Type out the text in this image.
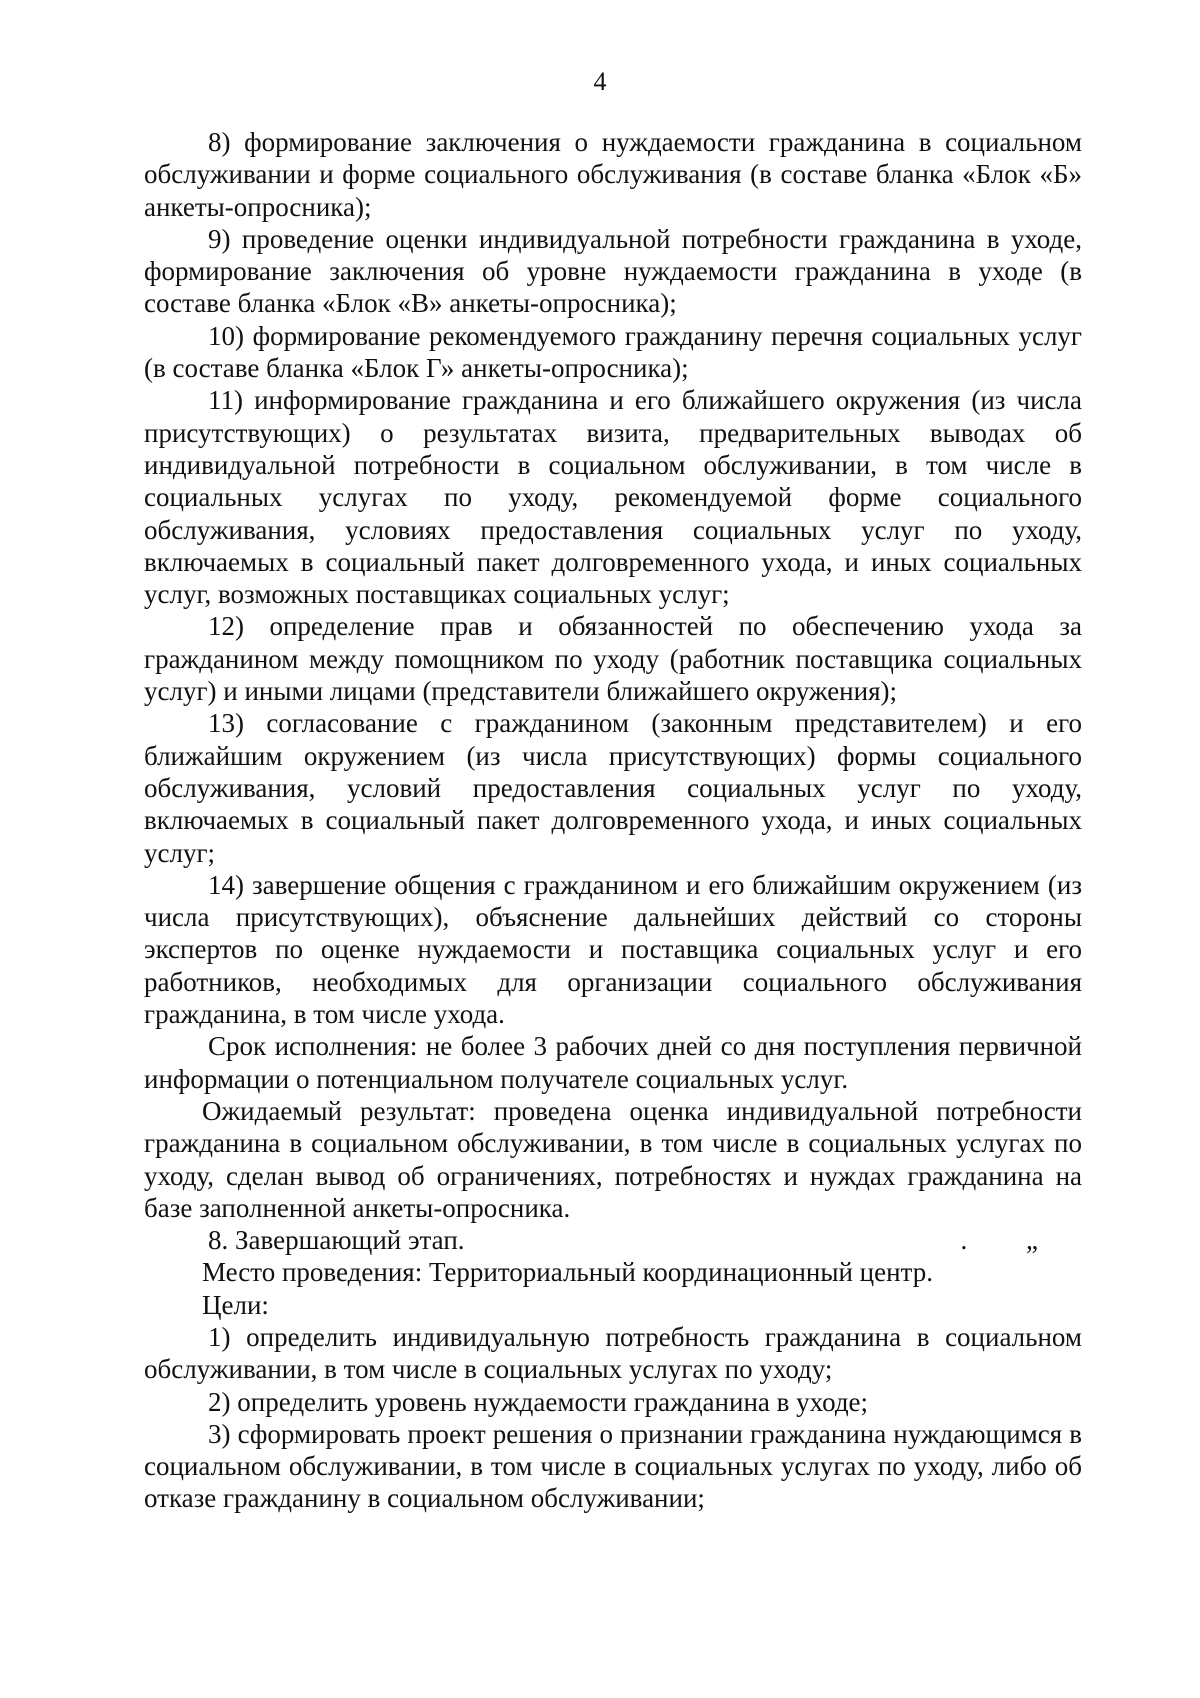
4

8) формирование заключения о нуждаемости гражданина в социальном обслуживании и форме социального обслуживания (в составе бланка «Блок «Б» анкеты-опросника);

9) проведение оценки индивидуальной потребности гражданина в уходе, формирование заключения об уровне нуждаемости гражданина в уходе (в составе бланка «Блок «В» анкеты-опросника);

10) формирование рекомендуемого гражданину перечня социальных услуг (в составе бланка «Блок Г» анкеты-опросника);

11) информирование гражданина и его ближайшего окружения (из числа присутствующих) о результатах визита, предварительных выводах об индивидуальной потребности в социальном обслуживании, в том числе в социальных услугах по уходу, рекомендуемой форме социального обслуживания, условиях предоставления социальных услуг по уходу, включаемых в социальный пакет долговременного ухода, и иных социальных услуг, возможных поставщиках социальных услуг;

12) определение прав и обязанностей по обеспечению ухода за гражданином между помощником по уходу (работник поставщика социальных услуг) и иными лицами (представители ближайшего окружения);

13) согласование с гражданином (законным представителем) и его ближайшим окружением (из числа присутствующих) формы социального обслуживания, условий предоставления социальных услуг по уходу, включаемых в социальный пакет долговременного ухода, и иных социальных услуг;

14) завершение общения с гражданином и его ближайшим окружением (из числа присутствующих), объяснение дальнейших действий со стороны экспертов по оценке нуждаемости и поставщика социальных услуг и его работников, необходимых для организации социального обслуживания гражданина, в том числе ухода.

Срок исполнения: не более 3 рабочих дней со дня поступления первичной информации о потенциальном получателе социальных услуг.

Ожидаемый результат: проведена оценка индивидуальной потребности гражданина в социальном обслуживании, в том числе в социальных услугах по уходу, сделан вывод об ограничениях, потребностях и нуждах гражданина на базе заполненной анкеты-опросника.

. „
8. Завершающий этап.

Место проведения: Территориальный координационный центр.

Цели:

1) определить индивидуальную потребность гражданина в социальном обслуживании, в том числе в социальных услугах по уходу;

2) определить уровень нуждаемости гражданина в уходе;

3) сформировать проект решения о признании гражданина нуждающимся в социальном обслуживании, в том числе в социальных услугах по уходу, либо об отказе гражданину в социальном обслуживании;
